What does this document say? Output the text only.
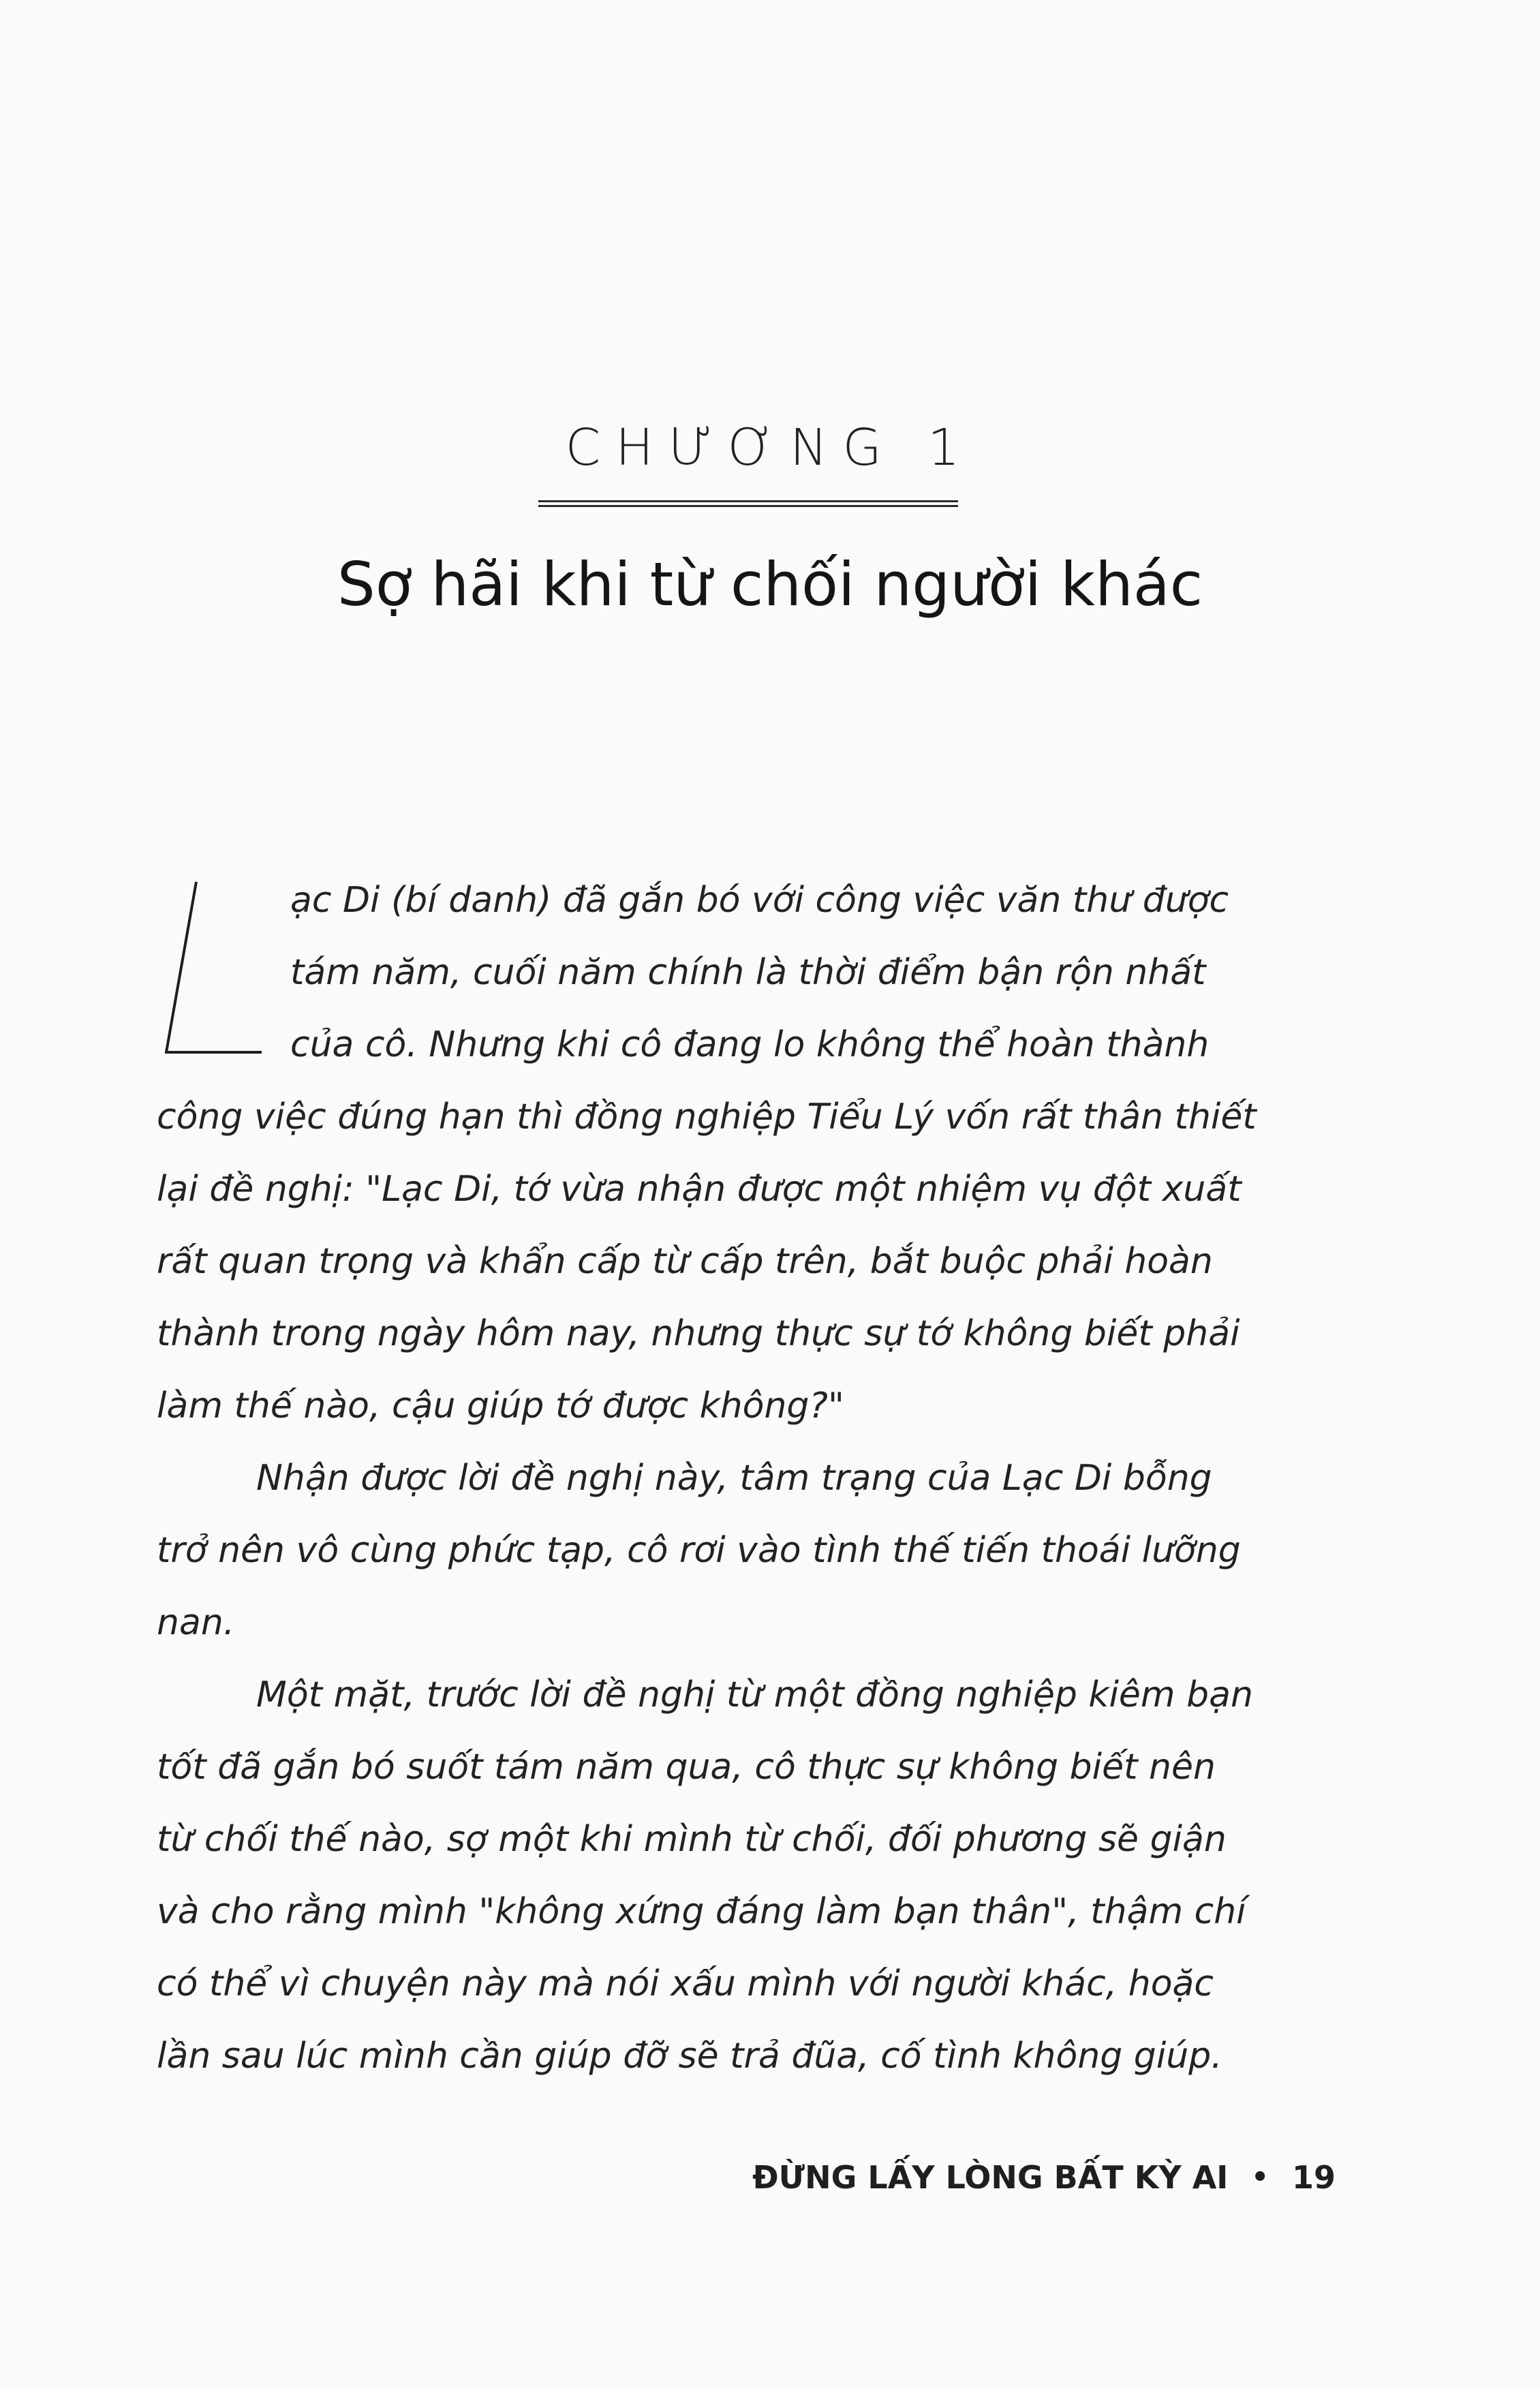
CHƯƠNG 1
Sợ hãi khi từ chối người khác
ạc Di (bí danh) đã gắn bó với công việc văn thư được
tám năm, cuối năm chính là thời điểm bận rộn nhất
của cô. Nhưng khi cô đang lo không thể hoàn thành
công việc đúng hạn thì đồng nghiệp Tiểu Lý vốn rất thân thiết
lại đề nghị: "Lạc Di, tớ vừa nhận được một nhiệm vụ đột xuất
rất quan trọng và khẩn cấp từ cấp trên, bắt buộc phải hoàn
thành trong ngày hôm nay, nhưng thực sự tớ không biết phải
làm thế nào, cậu giúp tớ được không?"
Nhận được lời đề nghị này, tâm trạng của Lạc Di bỗng
trở nên vô cùng phức tạp, cô rơi vào tình thế tiến thoái lưỡng
nan.
Một mặt, trước lời đề nghị từ một đồng nghiệp kiêm bạn
tốt đã gắn bó suốt tám năm qua, cô thực sự không biết nên
từ chối thế nào, sợ một khi mình từ chối, đối phương sẽ giận
và cho rằng mình "không xứng đáng làm bạn thân", thậm chí
có thể vì chuyện này mà nói xấu mình với người khác, hoặc
lần sau lúc mình cần giúp đỡ sẽ trả đũa, cố tình không giúp.
ĐỪNG LẤY LÒNG BẤT KỲ AI • 19
